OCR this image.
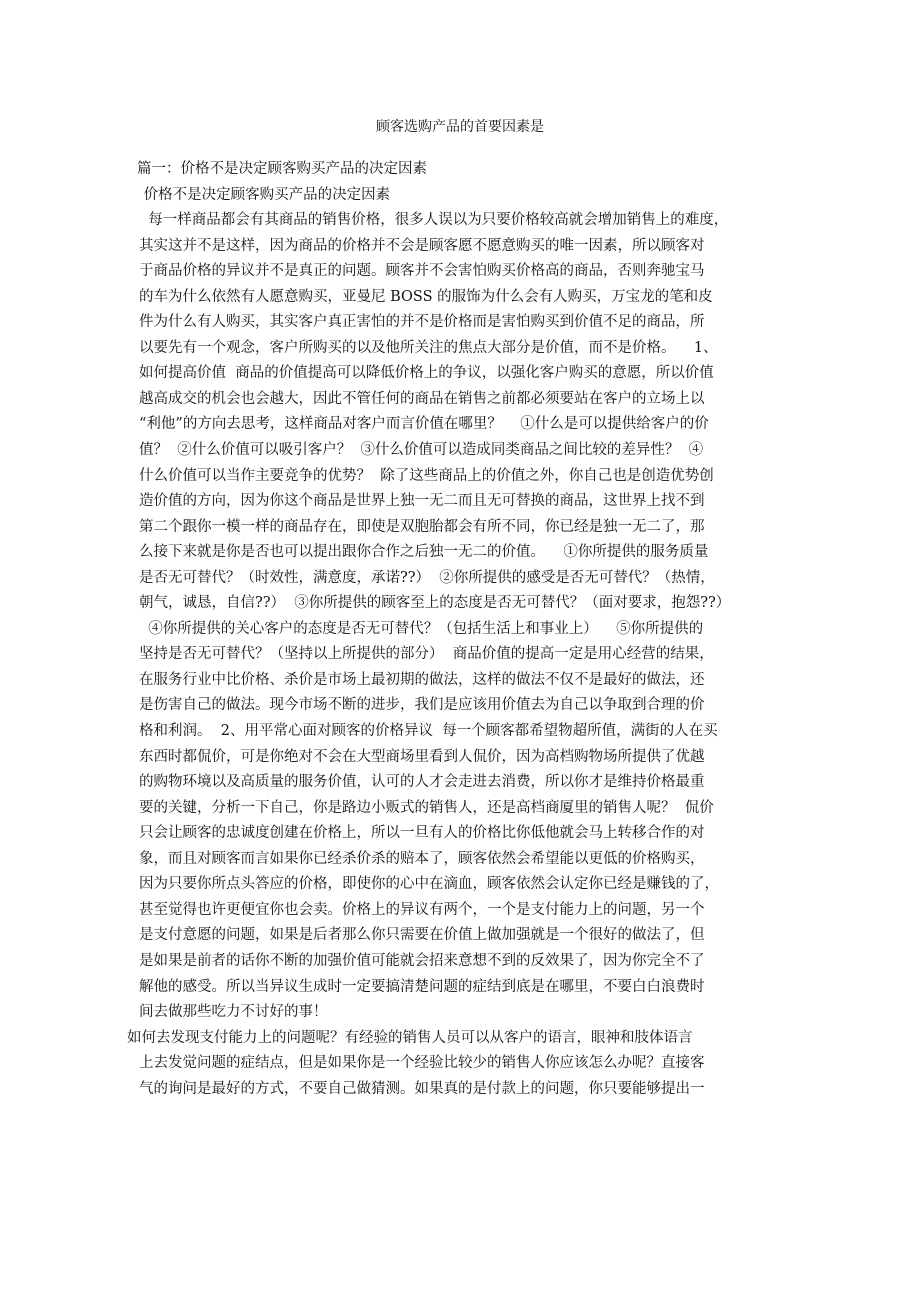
顾客选购产品的首要因素是
篇一：价格不是决定顾客购买产品的决定因素
价格不是决定顾客购买产品的决定因素
每一样商品都会有其商品的销售价格，很多人误以为只要价格较高就会增加销售上的难度，
其实这并不是这样，因为商品的价格并不会是顾客愿不愿意购买的唯一因素，所以顾客对
于商品价格的异议并不是真正的问题。顾客并不会害怕购买价格高的商品，否则奔驰宝马
的车为什么依然有人愿意购买，亚曼尼 BOSS 的服饰为什么会有人购买，万宝龙的笔和皮
件为什么有人购买，其实客户真正害怕的并不是价格而是害怕购买到价值不足的商品，所
以要先有一个观念，客户所购买的以及他所关注的焦点大部分是价值，而不是价格。    1、
如何提高价值  商品的价值提高可以降低价格上的争议，以强化客户购买的意愿，所以价值
越高成交的机会也会越大，因此不管任何的商品在销售之前都必须要站在客户的立场上以
“利他”的方向去思考，这样商品对客户而言价值在哪里？    ①什么是可以提供给客户的价
值？  ②什么价值可以吸引客户？  ③什么价值可以造成同类商品之间比较的差异性？  ④
什么价值可以当作主要竞争的优势？  除了这些商品上的价值之外，你自己也是创造优势创
造价值的方向，因为你这个商品是世界上独一无二而且无可替换的商品，这世界上找不到
第二个跟你一模一样的商品存在，即使是双胞胎都会有所不同，你已经是独一无二了，那
么接下来就是你是否也可以提出跟你合作之后独一无二的价值。    ①你所提供的服务质量
是否无可替代？（时效性，满意度，承诺??）  ②你所提供的感受是否无可替代？（热情，
朝气，诚恳，自信??）  ③你所提供的顾客至上的态度是否无可替代？（面对要求，抱怨??）
④你所提供的关心客户的态度是否无可替代？（包括生活上和事业上）    ⑤你所提供的
坚持是否无可替代？（坚持以上所提供的部分）  商品价值的提高一定是用心经营的结果，
在服务行业中比价格、杀价是市场上最初期的做法，这样的做法不仅不是最好的做法，还
是伤害自己的做法。现今市场不断的进步，我们是应该用价值去为自己以争取到合理的价
格和利润。  2、用平常心面对顾客的价格异议  每一个顾客都希望物超所值，满街的人在买
东西时都侃价，可是你绝对不会在大型商场里看到人侃价，因为高档购物场所提供了优越
的购物环境以及高质量的服务价值，认可的人才会走进去消费，所以你才是维持价格最重
要的关键，分析一下自己，你是路边小贩式的销售人，还是高档商厦里的销售人呢？  侃价
只会让顾客的忠诚度创建在价格上，所以一旦有人的价格比你低他就会马上转移合作的对
象，而且对顾客而言如果你已经杀价杀的赔本了，顾客依然会希望能以更低的价格购买，
因为只要你所点头答应的价格，即使你的心中在滴血，顾客依然会认定你已经是赚钱的了，
甚至觉得也许更便宜你也会卖。价格上的异议有两个，一个是支付能力上的问题，另一个
是支付意愿的问题，如果是后者那么你只需要在价值上做加强就是一个很好的做法了，但
是如果是前者的话你不断的加强价值可能就会招来意想不到的反效果了，因为你完全不了
解他的感受。所以当异议生成时一定要搞清楚问题的症结到底是在哪里，不要白白浪费时
间去做那些吃力不讨好的事！
如何去发现支付能力上的问题呢？有经验的销售人员可以从客户的语言，眼神和肢体语言
上去发觉问题的症结点，但是如果你是一个经验比较少的销售人你应该怎么办呢？直接客
气的询问是最好的方式，不要自己做猜测。如果真的是付款上的问题，你只要能够提出一
